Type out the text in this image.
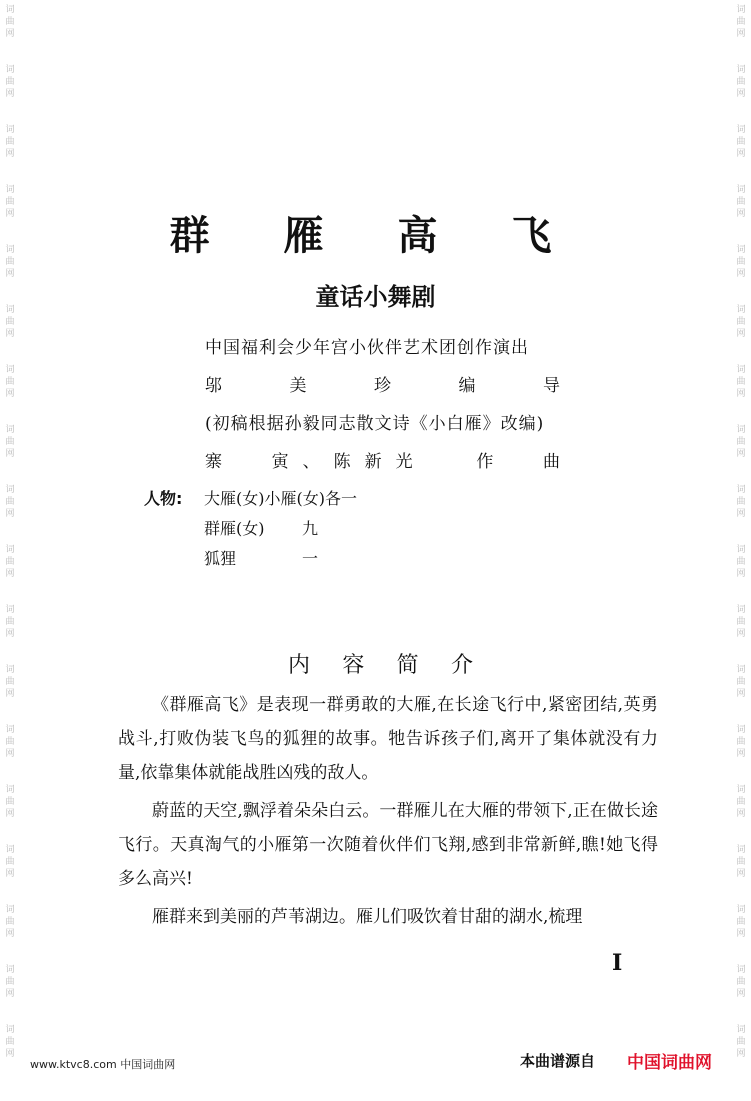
词
曲
网
词
曲
网
词
曲
网
词
曲
网
词
曲
网
词
曲
网
词
曲
网
词
曲
网
词
曲
网
词
曲
网
词
曲
网
词
曲
网
词
曲
网
词
曲
网
词
曲
网
词
曲
网
词
曲
网
词
曲
网
词
曲
网
词
曲
网
词
曲
网
词
曲
网
词
曲
网
词
曲
网
词
曲
网
词
曲
网
词
曲
网
词
曲
网
词
曲
网
词
曲
网
词
曲
网
词
曲
网
词
曲
网
词
曲
网
词
曲
网
词
曲
网
群 雁 高 飞
童话小舞剧
中国福利会少年宫小伙伴艺术团创作演出
邬	美	珍	编	导
(初稿根据孙毅同志散文诗《小白雁》改编)
寨	寅、陈新光	作	曲
人物:	大雁(女)小雁(女)各一
群雁(女) 九
狐狸	一
内 容 简 介

《群雁高飞》是表现一群勇敢的大雁,在长途飞行中,紧密团结,英勇战斗,打败伪装飞鸟的狐狸的故事。牠告诉孩子们,离开了集体就没有力量,依靠集体就能战胜凶残的敌人。

蔚蓝的天空,飘浮着朵朵白云。一群雁儿在大雁的带领下,正在做长途飞行。天真淘气的小雁第一次随着伙伴们飞翔,感到非常新鲜,瞧!她飞得多么高兴!

雁群来到美丽的芦苇湖边。雁儿们吸饮着甘甜的湖水,梳理

I
www.ktvc8.com 中国词曲网	本曲谱源自 中国词曲网
